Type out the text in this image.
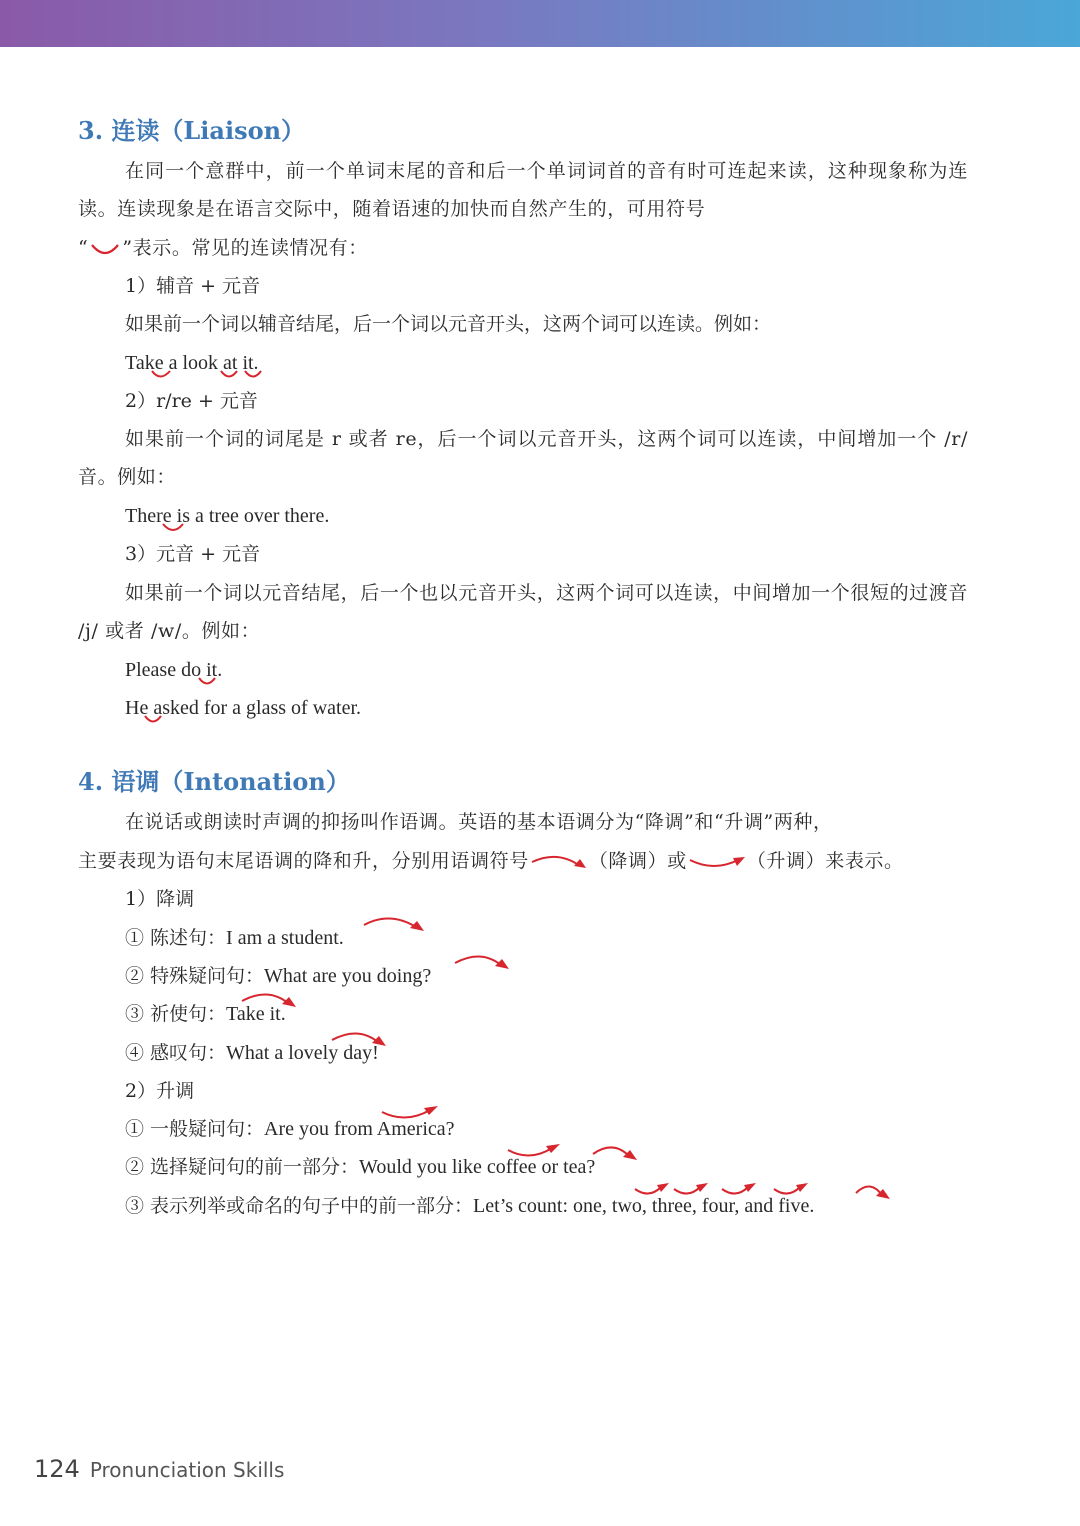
3. 连读（Liaison）
在同一个意群中，前一个单词末尾的音和后一个单词词首的音有时可连起来读，这种现象称为连读。连读现象是在语言交际中，随着语速的加快而自然产生的，可用符号
“ ”表示。常见的连读情况有：
1）辅音 + 元音
如果前一个词以辅音结尾，后一个词以元音开头，这两个词可以连读。例如：
Take a look at it.
2）r/re + 元音
如果前一个词的词尾是 r 或者 re，后一个词以元音开头，这两个词可以连读，中间增加一个 /r/ 音。例如：
There is a tree over there.
3）元音 + 元音
如果前一个词以元音结尾，后一个也以元音开头，这两个词可以连读，中间增加一个很短的过渡音 /j/ 或者 /w/。例如：
Please do it.
He asked for a glass of water.
4. 语调（Intonation）
在说话或朗读时声调的抑扬叫作语调。英语的基本语调分为“降调”和“升调”两种，
主要表现为语句末尾语调的降和升，分别用语调符号	（降调）或	（升调）来表示。
1）降调
① 陈述句：I am a student.
② 特殊疑问句：What are you doing?
③ 祈使句：Take it.
④ 感叹句：What a lovely day!
2）升调
① 一般疑问句：Are you from America?
② 选择疑问句的前一部分：Would you like coffee or tea?
③ 表示列举或命名的句子中的前一部分：Let’s count: one, two, three, four, and five.
124 Pronunciation Skills
